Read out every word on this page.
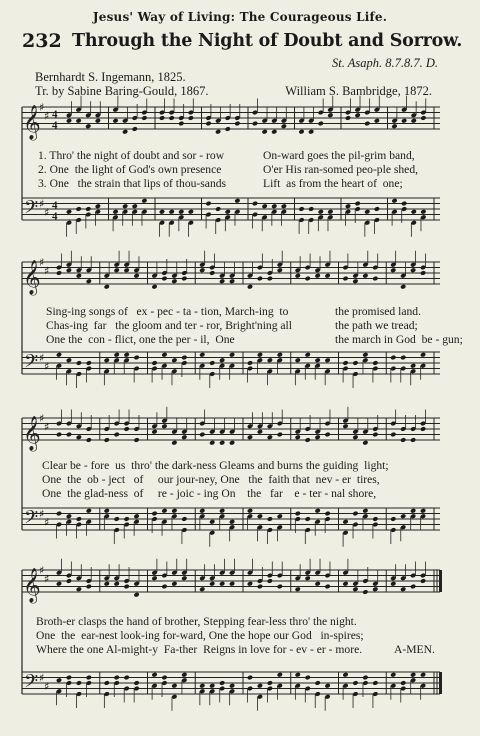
Jesus' Way of Living: The Courageous Life.
232 Through the Night of Doubt and Sorrow.
St. Asaph. 8.7.8.7. D.
Bernhardt S. Ingemann, 1825.
Tr. by Sabine Baring-Gould, 1867.	William S. Bambridge, 1872.
𝄞
𝄢
♯
♯
♯
♯
4
4
4
4
1. Thro' the night of doubt and sor - row	On-ward goes the pil-grim band,
2. One  the light of God's own presence	O'er His ran-somed peo-ple shed,
3. One   the strain that lips of thou-sands	Lift  as from the heart of  one;
𝄞
𝄢
♯
♯
♯
♯
Sing-ing songs of   ex - pec - ta - tion, March-ing  to	the promised land.
Chas-ing  far   the gloom and ter - ror, Bright'ning all	the path we tread;
One the  con - flict, one the per - il,  One	the march in God  be - gun;
𝄞
𝄢
♯
♯
♯
♯
Clear be - fore  us  thro' the dark-ness Gleams and burns the guiding  light;
One  the  ob - ject   of     our jour-ney, One   the  faith that  nev - er  tires,
One  the glad-ness  of     re - joic - ing On    the   far    e - ter - nal shore,
𝄞
𝄢
♯
♯
♯
♯
Broth-er clasps the hand of brother, Stepping fear-less thro' the night.
One  the  ear-nest look-ing for-ward, One the hope our God   in-spires;
Where the one Al-might-y  Fa-ther  Reigns in love for - ev - er - more.	A-MEN.
